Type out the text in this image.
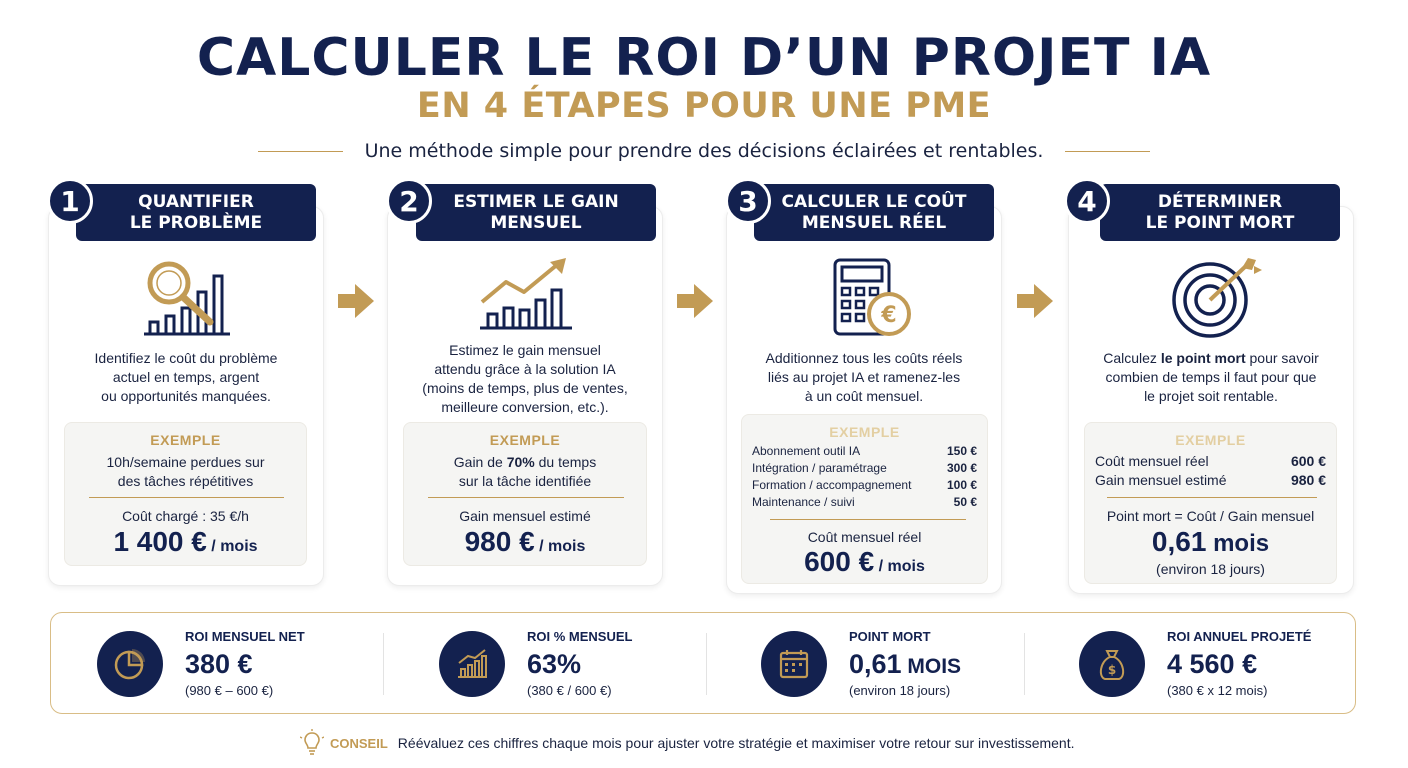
CALCULER LE ROI D’UN PROJET IA
EN 4 ÉTAPES POUR UNE PME
Une méthode simple pour prendre des décisions éclairées et rentables.
QUANTIFIER
LE PROBLÈME
1
Identifiez le coût du problème
actuel en temps, argent
ou opportunités manquées.
EXEMPLE
10h/semaine perdues sur
des tâches répétitives
Coût chargé : 35 €/h
1 400 € / mois
ESTIMER LE GAIN
MENSUEL
2
Estimez le gain mensuel
attendu grâce à la solution IA
(moins de temps, plus de ventes,
meilleure conversion, etc.).
EXEMPLE
Gain de 70% du temps
sur la tâche identifiée
Gain mensuel estimé
980 € / mois
CALCULER LE COÛT
MENSUEL RÉEL
3
€
Additionnez tous les coûts réels
liés au projet IA et ramenez-les
à un coût mensuel.
EXEMPLE
Abonnement outil IA	150 €
Intégration / paramétrage	300 €
Formation / accompagnement	100 €
Maintenance / suivi	50 €
Coût mensuel réel
600 € / mois
DÉTERMINER
LE POINT MORT
4
Calculez le point mort pour savoir
combien de temps il faut pour que
le projet soit rentable.
EXEMPLE
Coût mensuel réel	600 €
Gain mensuel estimé	980 €
Point mort = Coût / Gain mensuel
0,61 mois
(environ 18 jours)
ROI MENSUEL NET
380 €
(980 € – 600 €)
ROI % MENSUEL
63%
(380 € / 600 €)
POINT MORT
0,61 MOIS
(environ 18 jours)
$
ROI ANNUEL PROJETÉ
4 560 €
(380 € x 12 mois)
CONSEIL Réévaluez ces chiffres chaque mois pour ajuster votre stratégie et maximiser votre retour sur investissement.
